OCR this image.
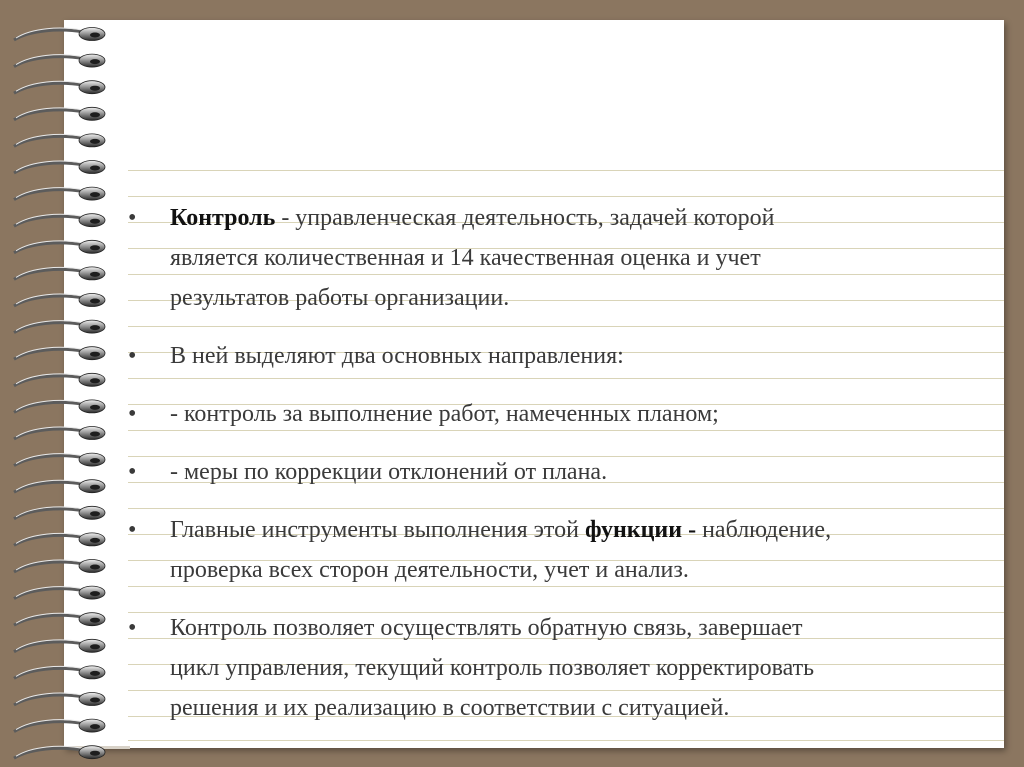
•	Контроль - управленческая деятельность, задачей которой
является количественная и 14 качественная оценка и учет
результатов работы организации.
•	В ней выделяют два основных направления:
•	- контроль за выполнение работ, намеченных планом;
•	- меры по коррекции отклонений от плана.
•	Главные инструменты выполнения этой функции - наблюдение,
проверка всех сторон деятельности, учет и анализ.
•	Контроль позволяет осуществлять обратную связь, завершает
цикл управления, текущий контроль позволяет корректировать
решения и их реализацию в соответствии с ситуацией.
